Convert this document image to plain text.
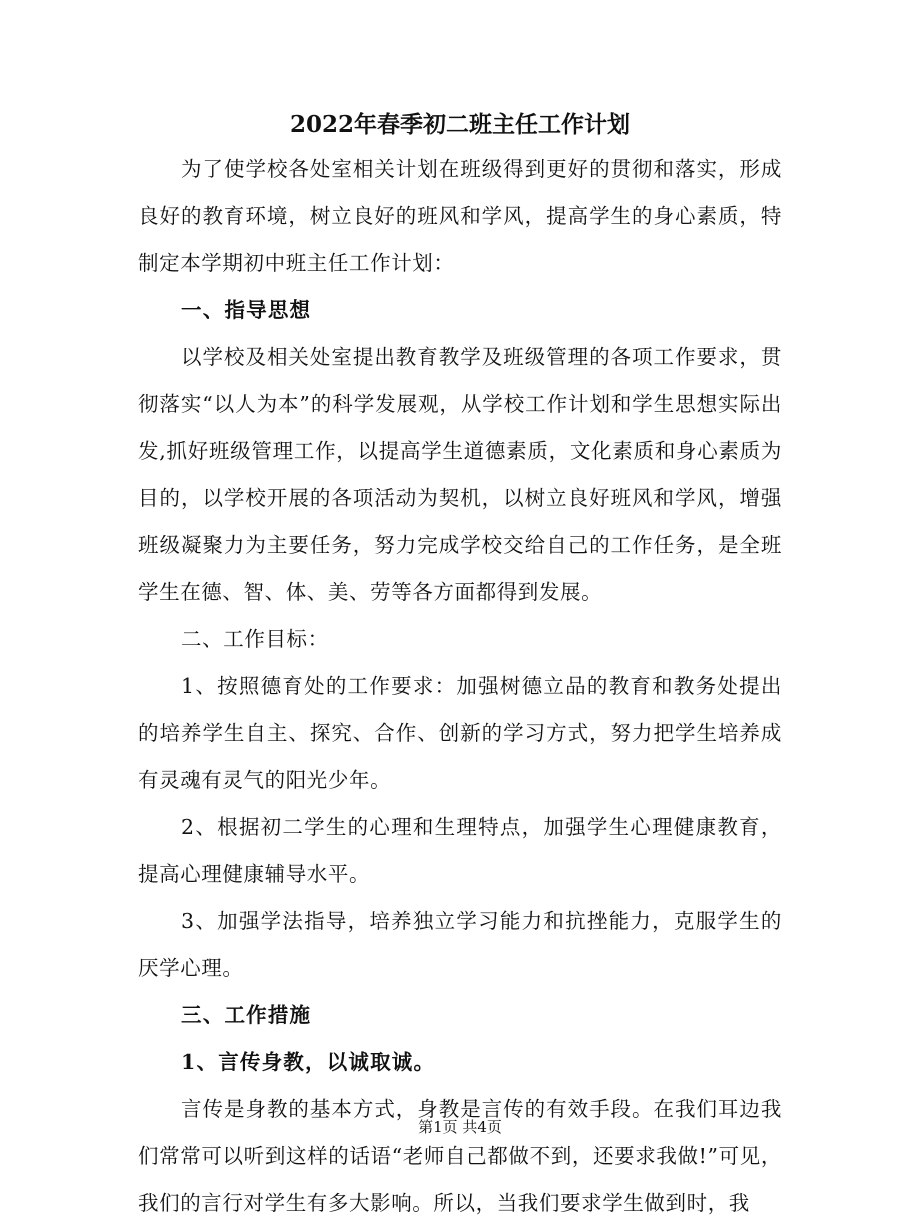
2022年春季初二班主任工作计划

为了使学校各处室相关计划在班级得到更好的贯彻和落实，形成良好的教育环境，树立良好的班风和学风，提高学生的身心素质，特制定本学期初中班主任工作计划：

一、指导思想

以学校及相关处室提出教育教学及班级管理的各项工作要求，贯彻落实“以人为本”的科学发展观，从学校工作计划和学生思想实际出发,抓好班级管理工作，以提高学生道德素质，文化素质和身心素质为目的，以学校开展的各项活动为契机，以树立良好班风和学风，增强班级凝聚力为主要任务，努力完成学校交给自己的工作任务，是全班学生在德、智、体、美、劳等各方面都得到发展。

二、工作目标：

1、按照德育处的工作要求：加强树德立品的教育和教务处提出的培养学生自主、探究、合作、创新的学习方式，努力把学生培养成有灵魂有灵气的阳光少年。

2、根据初二学生的心理和生理特点，加强学生心理健康教育，提高心理健康辅导水平。

3、加强学法指导，培养独立学习能力和抗挫能力，克服学生的厌学心理。

三、工作措施

1、言传身教，以诚取诚。

言传是身教的基本方式，身教是言传的有效手段。在我们耳边我们常常可以听到这样的话语“老师自己都做不到，还要求我做!”可见，我们的言行对学生有多大影响。所以，当我们要求学生做到时，我

第1页 共4页
